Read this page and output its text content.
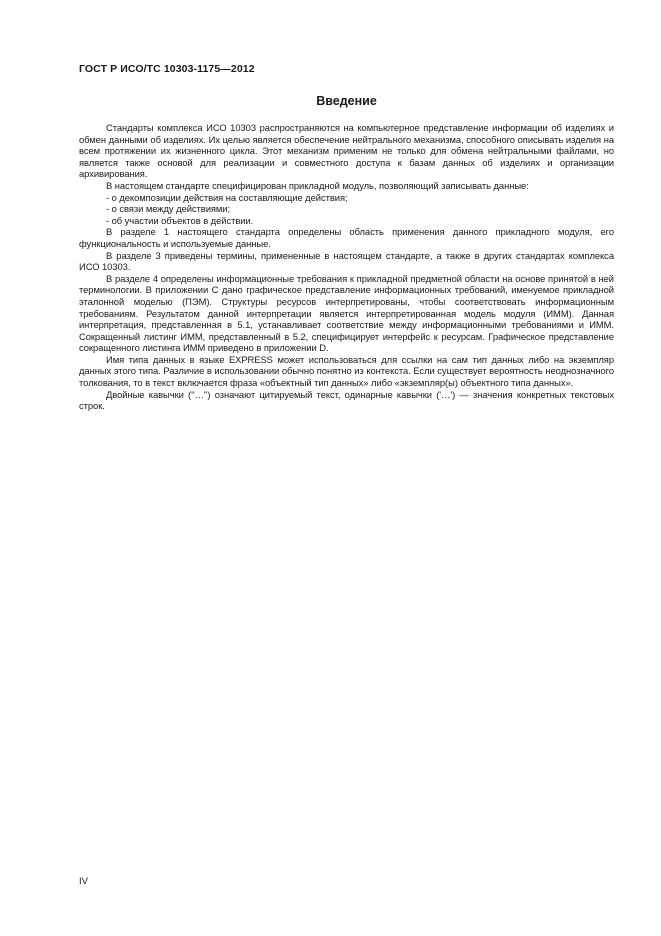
ГОСТ Р ИСО/ТС 10303-1175—2012
Введение

Стандарты комплекса ИСО 10303 распространяются на компьютерное представление информации об изделиях и обмен данными об изделиях. Их целью является обеспечение нейтрального механизма, способного описывать изделия на всем протяжении их жизненного цикла. Этот механизм применим не только для обмена нейтральными файлами, но является также основой для реализации и совместного доступа к базам данных об изделиях и организации архивирования.

В настоящем стандарте специфицирован прикладной модуль, позволяющий записывать данные:

- о декомпозиции действия на составляющие действия;

- о связи между действиями;

- об участии объектов в действии.

В разделе 1 настоящего стандарта определены область применения данного прикладного модуля, его функциональность и используемые данные.

В разделе 3 приведены термины, примененные в настоящем стандарте, а также в других стандартах комплекса ИСО 10303.

В разделе 4 определены информационные требования к прикладной предметной области на основе принятой в ней терминологии. В приложении С дано графическое представление информационных требований, именуемое прикладной эталонной моделью (ПЭМ). Структуры ресурсов интерпретированы, чтобы соответствовать информационным требованиям. Результатом данной интерпретации является интерпретированная модель модуля (ИММ). Данная интерпретация, представленная в 5.1, устанавливает соответствие между информационными требованиями и ИММ. Сокращенный листинг ИММ, представленный в 5.2, специфицирует интерфейс к ресурсам. Графическое представление сокращенного листинга ИММ приведено в приложении D.

Имя типа данных в языке EXPRESS может использоваться для ссылки на сам тип данных либо на экземпляр данных этого типа. Различие в использовании обычно понятно из контекста. Если существует вероятность неоднозначного толкования, то в текст включается фраза «объектный тип данных» либо «экземпляр(ы) объектного типа данных».

Двойные кавычки (''…'') означают цитируемый текст, одинарные кавычки ('…') — значения конкретных текстовых строк.

IV
